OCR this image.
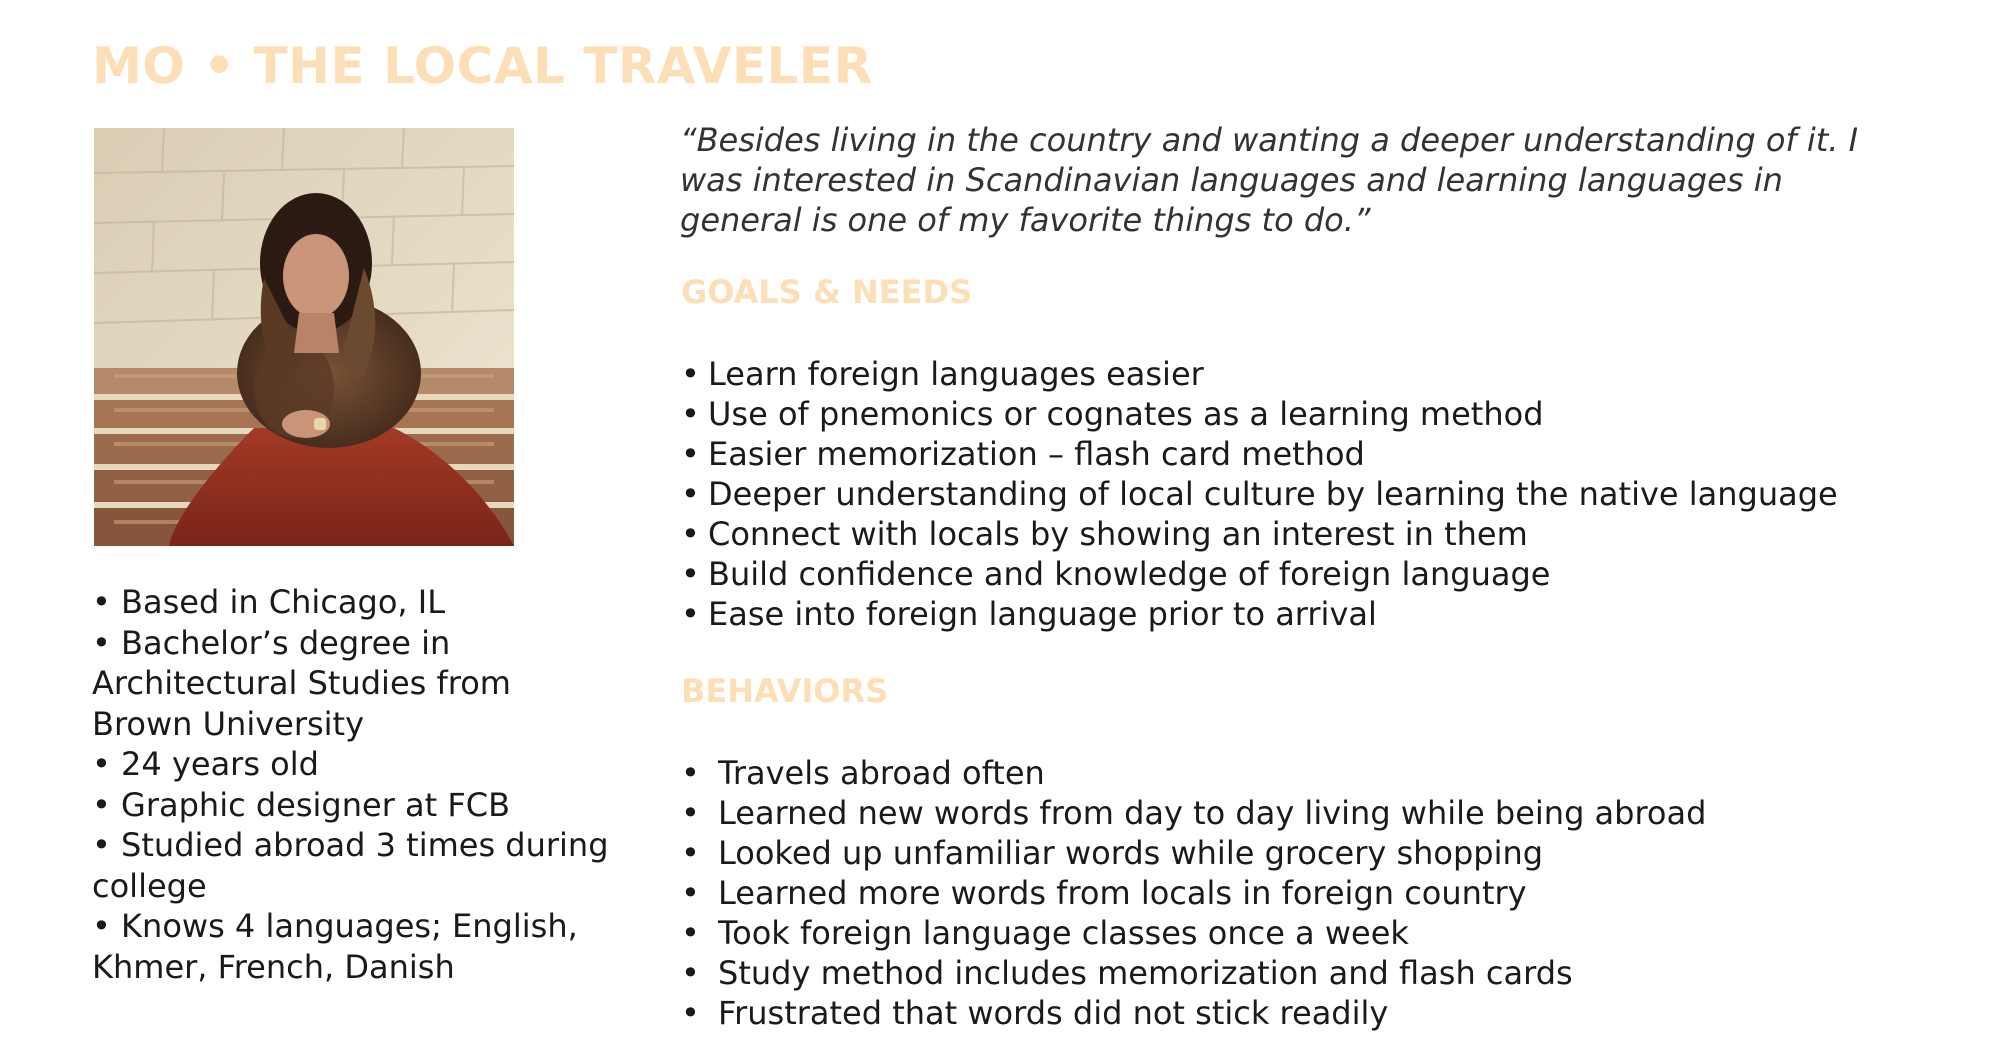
MO • THE LOCAL TRAVELER

• Based in Chicago, IL

• Bachelor’s degree in Architectural Studies from Brown University

• 24 years old

• Graphic designer at FCB

• Studied abroad 3 times during college

• Knows 4 languages; English, Khmer, French, Danish

“Besides living in the country and wanting a deeper understanding of it. I was interested in Scandinavian languages and learning languages in general is one of my favorite things to do.”

GOALS & NEEDS
• Learn foreign languages easier
• Use of pnemonics or cognates as a learning method
• Easier memorization – flash card method
• Deeper understanding of local culture by learning the native language
• Connect with locals by showing an interest in them
• Build confidence and knowledge of foreign language
• Ease into foreign language prior to arrival
BEHAVIORS
• Travels abroad often
• Learned new words from day to day living while being abroad
• Looked up unfamiliar words while grocery shopping
• Learned more words from locals in foreign country
• Took foreign language classes once a week
• Study method includes memorization and flash cards
• Frustrated that words did not stick readily
